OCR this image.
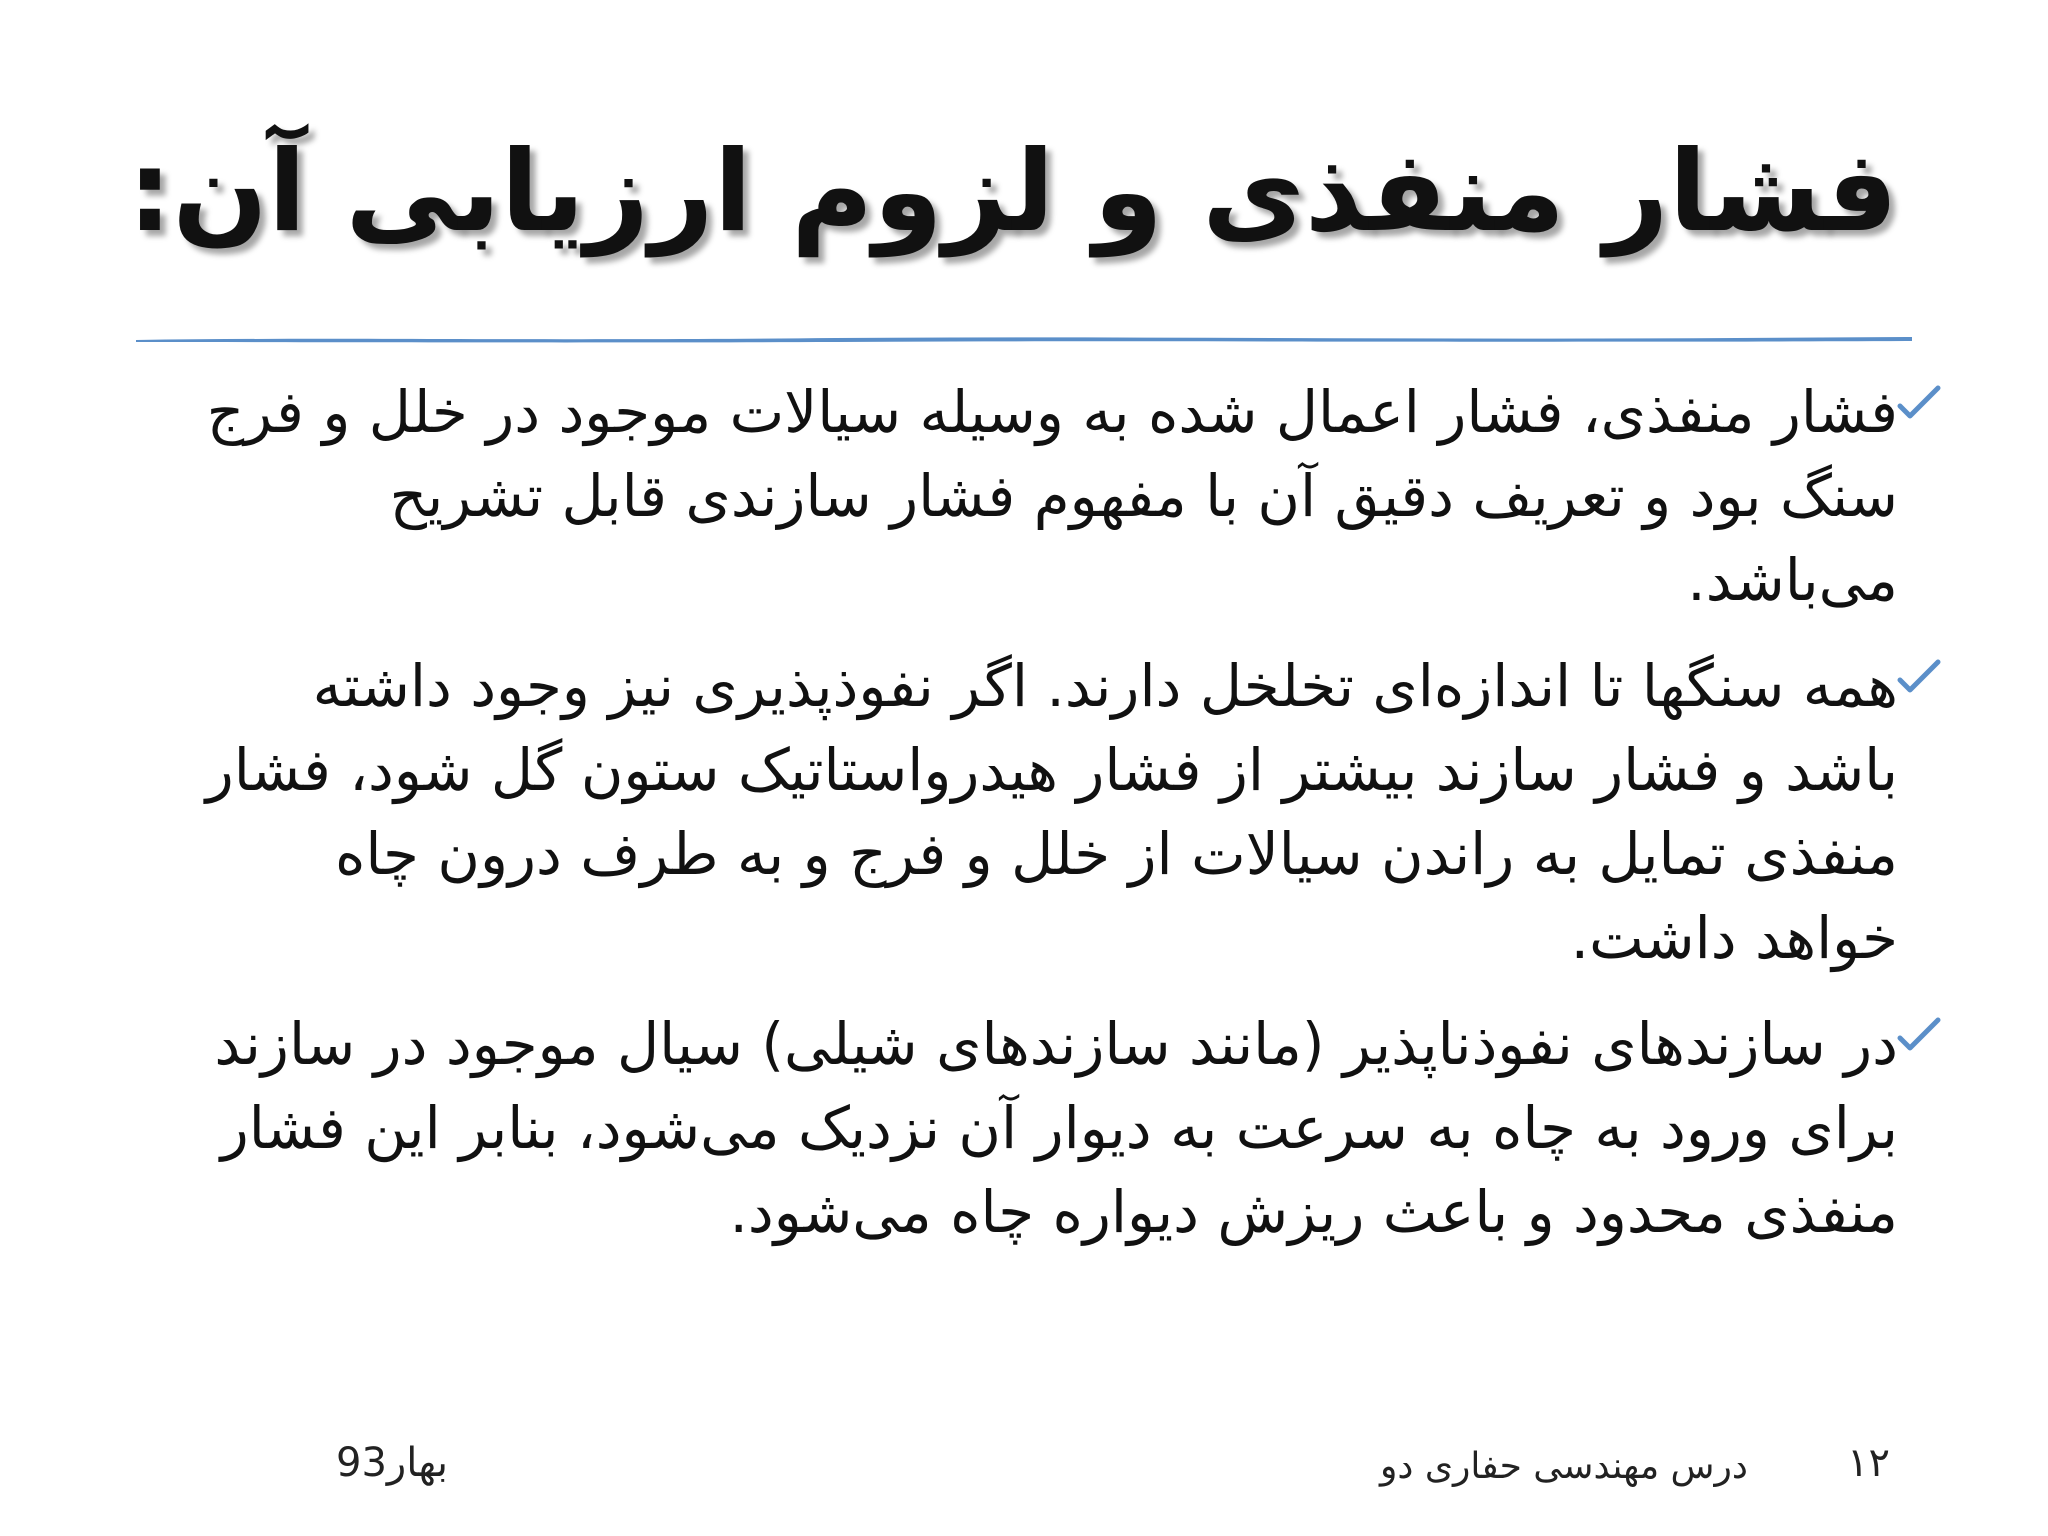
فشار منفذی و لزوم ارزیابی آن:
فشار منفذی، فشار اعمال شده به وسیله سیالات موجود در خلل و فرج سنگ بود و تعریف دقیق آن با مفهوم فشار سازندی قابل تشریح می‌باشد.
همه سنگها تا اندازه‌ای تخلخل دارند. اگر نفوذپذیری نیز وجود داشته باشد و فشار سازند بیشتر از فشار هیدرواستاتیک ستون گل شود، فشار منفذی تمایل به راندن سیالات از خلل و فرج و به طرف درون چاه خواهد داشت.
در سازندهای نفوذناپذیر (مانند سازندهای شیلی) سیال موجود در سازند برای ورود به چاه به سرعت به دیوار آن نزدیک می‌شود، بنابر این فشار منفذی محدود و باعث ریزش دیواره چاه می‌شود.
۱۲
درس مهندسی حفاری دو
بهار93
